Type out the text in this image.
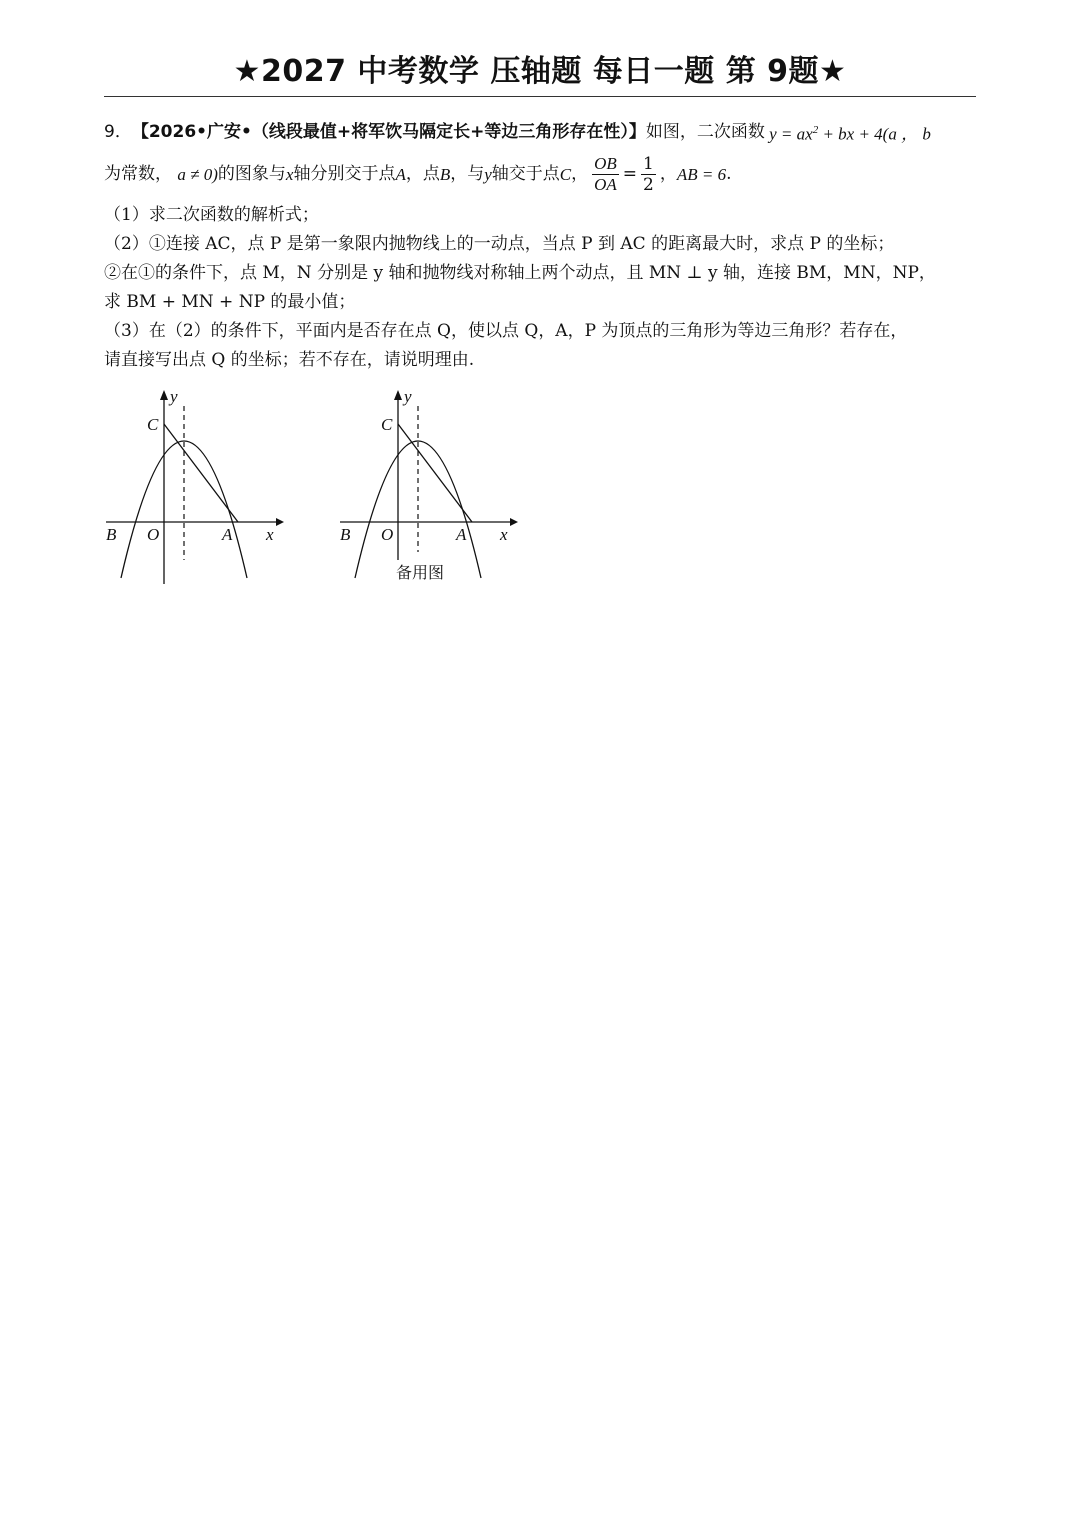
★2027 中考数学 压轴题 每日一题 第 9题★
9． 【2026•广安•（线段最值+将军饮马隔定长+等边三角形存在性）】 如图，二次函数 $y = ax^2$ + bx + 4(a ， b
为常数，
a ≠ 0) 的图象与 x 轴分别交于点 A ，点 B ，与 y 轴交于点 C ， $\frac{OB}{OA} = \frac{1}{2}$ ， AB = 6 .
（1）求二次函数的解析式；
（2）①连接 AC，点 P 是第一象限内抛物线上的一动点，当点 P 到 AC 的距离最大时，求点 P 的坐标；
②在①的条件下，点 M，N 分别是 y 轴和抛物线对称轴上两个动点，且 MN ⊥ y 轴，连接 BM，MN，NP，
求 BM + MN + NP 的最小值；
（3）在（2）的条件下，平面内是否存在点 Q，使以点 Q，A，P 为顶点的三角形为等边三角形？若存在，
请直接写出点 Q 的坐标；若不存在，请说明理由.
y
C
B O	A x
y
C
B O	A x
备用图
